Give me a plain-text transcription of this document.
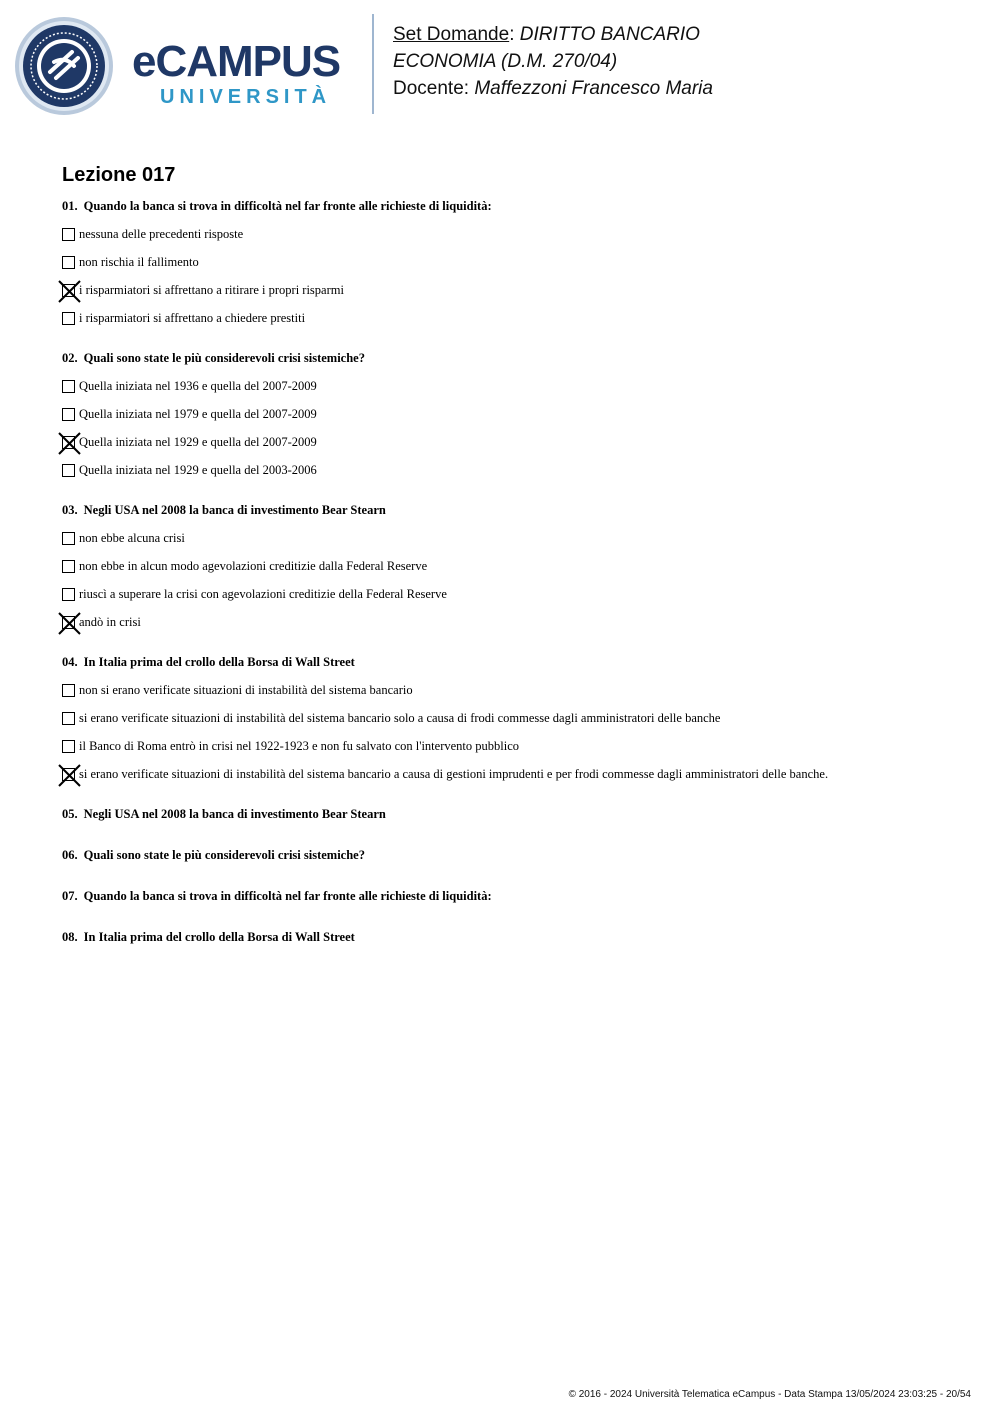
eCAMPUS
UNIVERSITÀ
Set Domande: DIRITTO BANCARIO
ECONOMIA (D.M. 270/04)
Docente: Maffezzoni Francesco Maria
Lezione 017
01. Quando la banca si trova in difficoltà nel far fronte alle richieste di liquidità:
nessuna delle precedenti risposte
non rischia il fallimento
i risparmiatori si affrettano a ritirare i propri risparmi
i risparmiatori si affrettano a chiedere prestiti
02. Quali sono state le più considerevoli crisi sistemiche?
Quella iniziata nel 1936 e quella del 2007-2009
Quella iniziata nel 1979 e quella del 2007-2009
Quella iniziata nel 1929 e quella del 2007-2009
Quella iniziata nel 1929 e quella del 2003-2006
03. Negli USA nel 2008 la banca di investimento Bear Stearn
non ebbe alcuna crisi
non ebbe in alcun modo agevolazioni creditizie dalla Federal Reserve
riuscì a superare la crisi con agevolazioni creditizie della Federal Reserve
andò in crisi
04. In Italia prima del crollo della Borsa di Wall Street
non si erano verificate situazioni di instabilità del sistema bancario
si erano verificate situazioni di instabilità del sistema bancario solo a causa di frodi commesse dagli amministratori delle banche
il Banco di Roma entrò in crisi nel 1922-1923 e non fu salvato con l'intervento pubblico
si erano verificate situazioni di instabilità del sistema bancario a causa di gestioni imprudenti e per frodi commesse dagli amministratori delle banche.
05. Negli USA nel 2008 la banca di investimento Bear Stearn
06. Quali sono state le più considerevoli crisi sistemiche?
07. Quando la banca si trova in difficoltà nel far fronte alle richieste di liquidità:
08. In Italia prima del crollo della Borsa di Wall Street
© 2016 - 2024 Università Telematica eCampus - Data Stampa 13/05/2024 23:03:25 - 20/54
